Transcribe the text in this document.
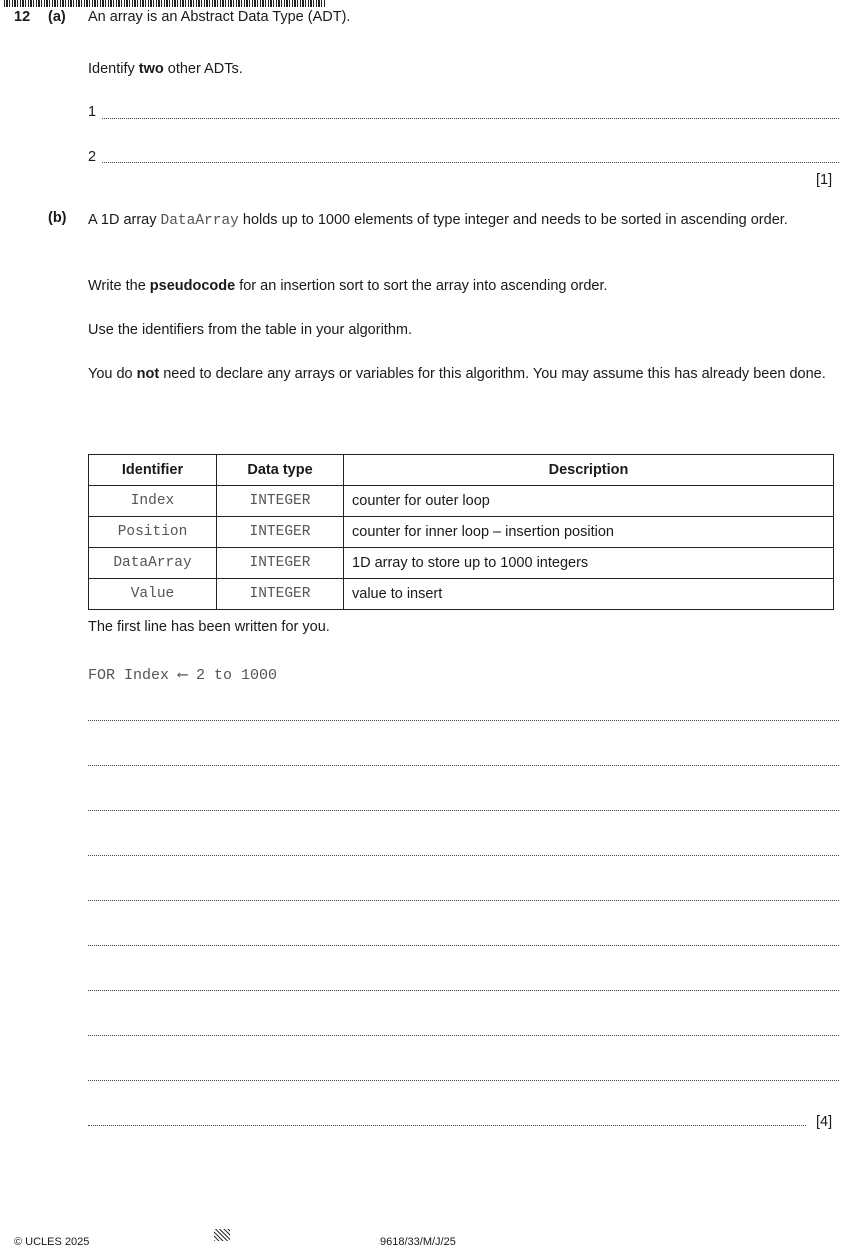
12 (a) An array is an Abstract Data Type (ADT).
Identify two other ADTs.
1
2
[1]
(b) A 1D array DataArray holds up to 1000 elements of type integer and needs to be sorted in ascending order.
Write the pseudocode for an insertion sort to sort the array into ascending order.
Use the identifiers from the table in your algorithm.
You do not need to declare any arrays or variables for this algorithm. You may assume this has already been done.
Identifier	Data type	Description
Index	INTEGER	counter for outer loop
Position	INTEGER	counter for inner loop – insertion position
DataArray	INTEGER	1D array to store up to 1000 integers
Value	INTEGER	value to insert
The first line has been written for you.
FOR Index ⟵ 2 to 1000
[4]
© UCLES 2025	9618/33/M/J/25
